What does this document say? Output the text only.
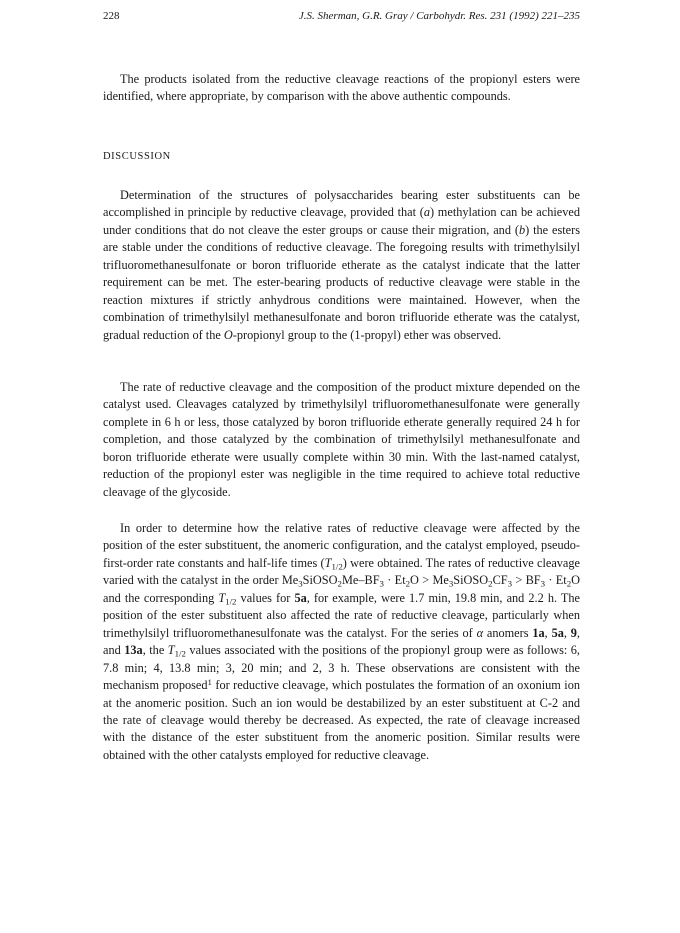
228	J.S. Sherman, G.R. Gray / Carbohydr. Res. 231 (1992) 221–235

The products isolated from the reductive cleavage reactions of the propionyl esters were identified, where appropriate, by comparison with the above authentic compounds.

DISCUSSION

Determination of the structures of polysaccharides bearing ester substituents can be accomplished in principle by reductive cleavage, provided that (a) methylation can be achieved under conditions that do not cleave the ester groups or cause their migration, and (b) the esters are stable under the conditions of reductive cleavage. The foregoing results with trimethylsilyl trifluoromethanesulfonate or boron trifluoride etherate as the catalyst indicate that the latter requirement can be met. The ester-bearing products of reductive cleavage were stable in the reaction mixtures if strictly anhydrous conditions were maintained. However, when the combination of trimethylsilyl methanesulfonate and boron trifluoride etherate was the catalyst, gradual reduction of the O-propionyl group to the (1-propyl) ether was observed.

The rate of reductive cleavage and the composition of the product mixture depended on the catalyst used. Cleavages catalyzed by trimethylsilyl trifluoromethanesulfonate were generally complete in 6 h or less, those catalyzed by boron trifluoride etherate generally required 24 h for completion, and those catalyzed by the combination of trimethylsilyl methanesulfonate and boron trifluoride etherate were usually complete within 30 min. With the last-named catalyst, reduction of the propionyl ester was negligible in the time required to achieve total reductive cleavage of the glycoside.

In order to determine how the relative rates of reductive cleavage were affected by the position of the ester substituent, the anomeric configuration, and the catalyst employed, pseudo-first-order rate constants and half-life times $(T_{1/2})$ were obtained. The rates of reductive cleavage varied with the catalyst in the order $Me_3SiOSO_2Me-BF_3 \cdot Et_2O$ > $Me_3SiOSO_2CF_3 > BF_3 \cdot Et_2O$ and the corresponding $T_{1/2}$ values for 5a, for example, were 1.7 min, 19.8 min, and 2.2 h. The position of the ester substituent also affected the rate of reductive cleavage, particularly when trimethylsilyl trifluoromethanesulfonate was the catalyst. For the series of α anomers 1a, 5a, 9, and 13a, the $T_{1/2}$ values associated with the positions of the propionyl group were as follows: 6, 7.8 min; 4, 13.8 min; 3, 20 min; and 2, 3 h. These observations are consistent with the mechanism proposed$^1$ for reductive cleavage, which postulates the formation of an oxonium ion at the anomeric position. Such an ion would be destabilized by an ester substituent at C-2 and the rate of cleavage would thereby be decreased. As expected, the rate of cleavage increased with the distance of the ester substituent from the anomeric position. Similar results were obtained with the other catalysts employed for reductive cleavage.
